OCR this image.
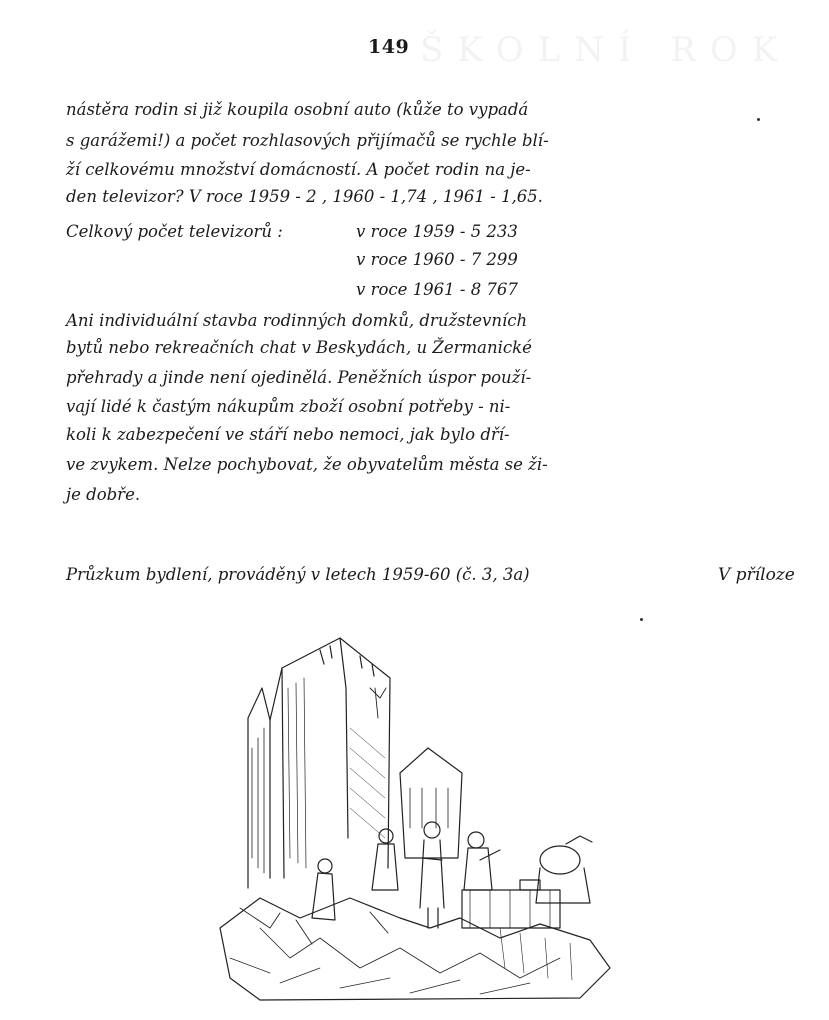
ŠKOLNÍ ROK
149
nástěra rodin si již koupila osobní auto (kůže to vypadá
s garážemi!) a počet rozhlasových přijímačů se rychle blí-
ží celkovému množství domácností. A počet rodin na je-
den televizor? V roce 1959 - 2 , 1960 - 1,74 , 1961 - 1,65.
Celkový počet televizorů :	v roce 1959 - 5 233
v roce 1960 - 7 299
v roce 1961 - 8 767
Ani individuální stavba rodinných domků, družstevních
bytů nebo rekreačních chat v Beskydách, u Žermanické
přehrady a jinde není ojedinělá. Peněžních úspor použí-
vají lidé k častým nákupům zboží osobní potřeby - ni-
koli k zabezpečení ve stáří nebo nemoci, jak bylo dří-
ve zvykem. Nelze pochybovat, že obyvatelům města se ži-
je dobře.
Průzkum bydlení, prováděný v letech 1959-60 (č. 3, 3a)	V příloze
